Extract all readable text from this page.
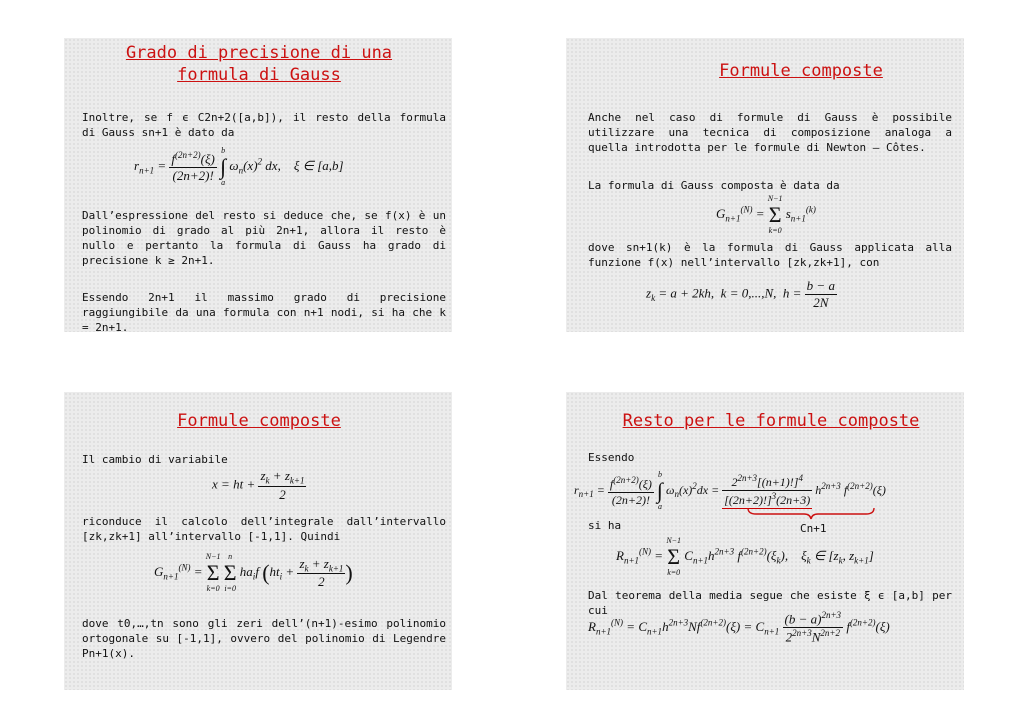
Grado di precisione di una formula di Gauss

Inoltre, se f ϵ C2n+2([a,b]), il resto della formula di Gauss sn+1 è dato da

$r_{n+1} = \frac{f^{(2n+2)}(\xi)}{(2n+2)!}$
b
∫
a
$\omega_n(x)^2$ dx,    ξ ∈ [a,b]

Dall’espressione del resto si deduce che, se f(x) è un polinomio di grado al più 2n+1, allora il resto è nullo e pertanto la formula di Gauss ha grado di precisione k ≥ 2n+1.

Essendo 2n+1 il massimo grado di precisione raggiungibile da una formula con n+1 nodi, si ha che k = 2n+1.

Formule composte

Anche nel caso di formule di Gauss è possibile utilizzare una tecnica di composizione analoga a quella introdotta per le formule di Newton – Côtes.

La formula di Gauss composta è data da

$G_{n+1}^{(N)}$ =
N−1
Σ
k=0
$s_{n+1}^{(k)}$

dove sn+1(k) è la formula di Gauss applicata alla funzione f(x) nell’intervallo [zk,zk+1], con

$z_k = a + 2kh$,  k = 0,...,N,  $h = \frac{b - a}{2N}$
Formule composte

Il cambio di variabile

x = ht + $\frac{z_k + z_{k+1}}{2}$

riconduce il calcolo dell’integrale dall’intervallo [zk,zk+1] all’intervallo [-1,1]. Quindi

$G_{n+1}^{(N)}$ =
N−1
Σ
k=0

n
Σ
i=0
$ha_if$ ($ht_i + \frac{z_k + z_{k+1}}{2}$ )

dove t0,…,tn sono gli zeri dell’(n+1)-esimo polinomio ortogonale su [-1,1], ovvero del polinomio di Legendre Pn+1(x).

Resto per le formule composte

Essendo

$r_{n+1} = \frac{f^{(2n+2)}(\xi)}{(2n+2)!}$
b
∫
a
$\omega_n(x)^2dx = \frac{2^{2n+3}[(n+1)!]^4}{[(2n+2)!]^3(2n+3)} h^{2n+3}$ $f^{(2n+2)}(\xi)$

si ha	Cn+1
$R_{n+1}^{(N)}$ =
N−1
Σ
k=0
$C_{n+1}h^{2n+3}$ $f^{(2n+2)}(\xi_k)$,    $\xi_k$ ∈ [$z_k$, $z_{k+1}$]

Dal teorema della media segue che esiste ξ ϵ [a,b] per cui

$R_{n+1}^{(N)} = C_{n+1}h^{2n+3}Nf^{(2n+2)}(\xi) = C_{n+1} \frac{(b - a)^{2n+3}}{2^{2n+3}N^{2n+2}} f^{(2n+2)}(\xi)$
